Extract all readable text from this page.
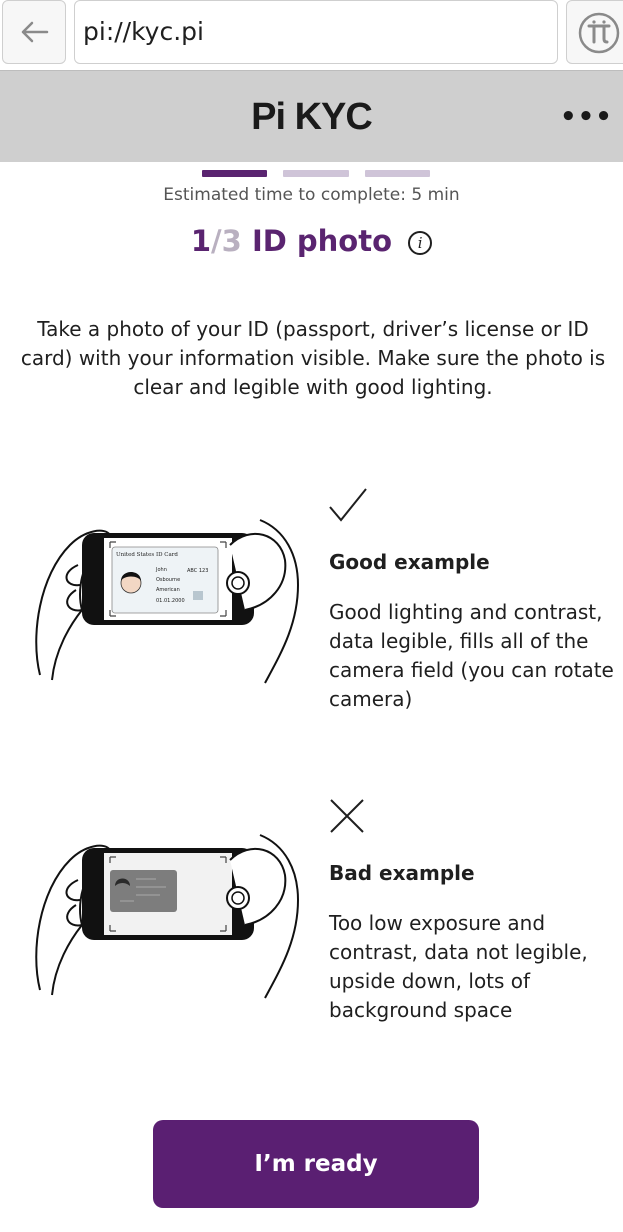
pi://kyc.pi
Pi KYC	•••
Estimated time to complete: 5 min
1/3 ID photo i
Take a photo of your ID (passport, driver’s license or ID card) with your information visible. Make sure the photo is clear and legible with good lighting.
United States ID Card
John	ABC 123
Osbourne
American
01.01.2000
Good example
Good lighting and contrast, data legible, fills all of the camera field (you can rotate camera)
Bad example
Too low exposure and contrast, data not legible, upside down, lots of background space
I’m ready
